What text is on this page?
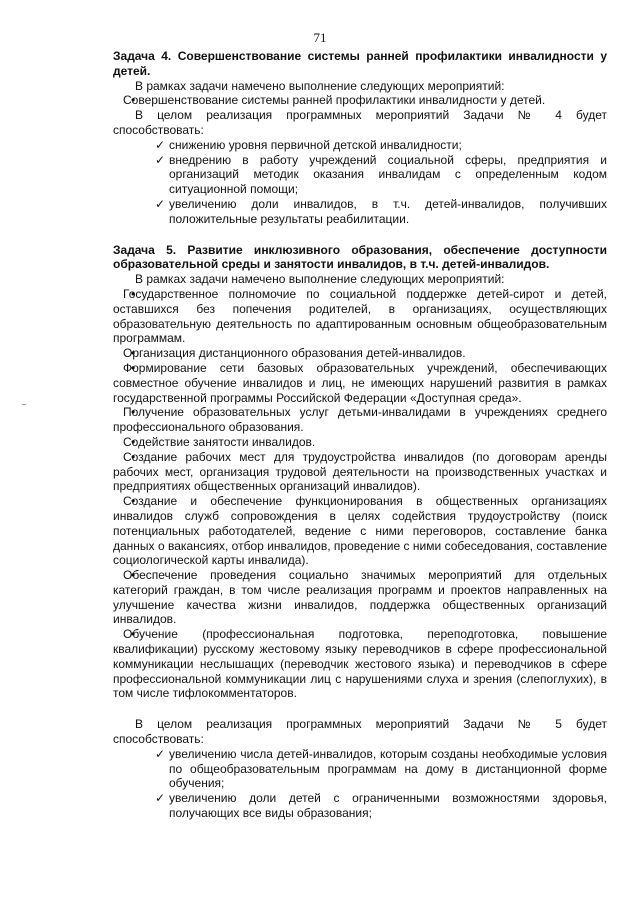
71

Задача 4. Совершенствование системы ранней профилактики инвалидности у детей.

В рамках задачи намечено выполнение следующих мероприятий:

Совершенствование системы ранней профилактики инвалидности у детей.

В целом реализация программных мероприятий Задачи № 4 будет

способствовать:

✓ снижению уровня первичной детской инвалидности;

✓ внедрению в работу учреждений социальной сферы, предприятия и организаций методик оказания инвалидам с определенным кодом ситуационной помощи;

✓ увеличению доли инвалидов, в т.ч. детей-инвалидов, получивших положительные результаты реабилитации.

Задача 5. Развитие инклюзивного образования, обеспечение доступности образовательной среды и занятости инвалидов, в т.ч. детей-инвалидов.

В рамках задачи намечено выполнение следующих мероприятий:

Государственное полномочие по социальной поддержке детей-сирот и детей, оставшихся без попечения родителей, в организациях, осуществляющих образовательную деятельность по адаптированным основным общеобразовательным программам.

Организация дистанционного образования детей-инвалидов.

Формирование сети базовых образовательных учреждений, обеспечивающих совместное обучение инвалидов и лиц, не имеющих нарушений развития в рамках государственной программы Российской Федерации «Доступная среда».

Получение образовательных услуг детьми-инвалидами в учреждениях среднего профессионального образования.

Содействие занятости инвалидов.

Создание рабочих мест для трудоустройства инвалидов (по договорам аренды рабочих мест, организация трудовой деятельности на производственных участках и предприятиях общественных организаций инвалидов).

Создание и обеспечение функционирования в общественных организациях инвалидов служб сопровождения в целях содействия трудоустройству (поиск потенциальных работодателей, ведение с ними переговоров, составление банка данных о вакансиях, отбор инвалидов, проведение с ними собеседования, составление социологической карты инвалида).

Обеспечение проведения социально значимых мероприятий для отдельных категорий граждан, в том числе реализация программ и проектов направленных на улучшение качества жизни инвалидов, поддержка общественных организаций инвалидов.

Обучение (профессиональная подготовка, переподготовка, повышение квалификации) русскому жестовому языку переводчиков в сфере профессиональной коммуникации неслышащих (переводчик жестового языка) и переводчиков в сфере профессиональной коммуникации лиц с нарушениями слуха и зрения (слепоглухих), в том числе тифлокомментаторов.

В целом реализация программных мероприятий Задачи № 5 будет

способствовать:

✓ увеличению числа детей-инвалидов, которым созданы необходимые условия по общеобразовательным программам на дому в дистанционной форме обучения;

✓ увеличению доли детей с ограниченными возможностями здоровья, получающих все виды образования;
